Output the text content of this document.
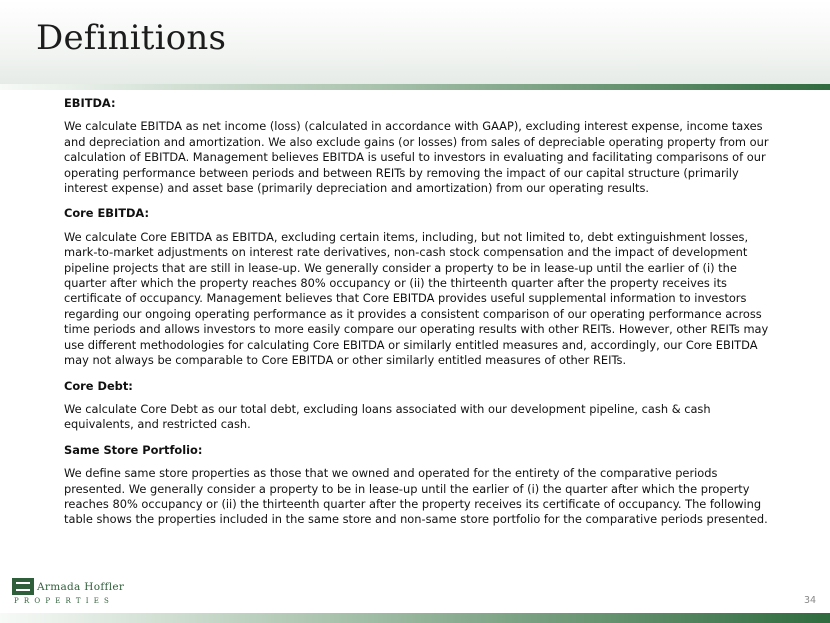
Definitions

EBITDA:

We calculate EBITDA as net income (loss) (calculated in accordance with GAAP), excluding interest expense, income taxes and depreciation and amortization. We also exclude gains (or losses) from sales of depreciable operating property from our calculation of EBITDA. Management believes EBITDA is useful to investors in evaluating and facilitating comparisons of our operating performance between periods and between REITs by removing the impact of our capital structure (primarily interest expense) and asset base (primarily depreciation and amortization) from our operating results.

Core EBITDA:

We calculate Core EBITDA as EBITDA, excluding certain items, including, but not limited to, debt extinguishment losses, mark-to-market adjustments on interest rate derivatives, non-cash stock compensation and the impact of development pipeline projects that are still in lease-up. We generally consider a property to be in lease-up until the earlier of (i) the quarter after which the property reaches 80% occupancy or (ii) the thirteenth quarter after the property receives its certificate of occupancy. Management believes that Core EBITDA provides useful supplemental information to investors regarding our ongoing operating performance as it provides a consistent comparison of our operating performance across time periods and allows investors to more easily compare our operating results with other REITs. However, other REITs may use different methodologies for calculating Core EBITDA or similarly entitled measures and, accordingly, our Core EBITDA may not always be comparable to Core EBITDA or other similarly entitled measures of other REITs.

Core Debt:

We calculate Core Debt as our total debt, excluding loans associated with our development pipeline, cash & cash equivalents, and restricted cash.

Same Store Portfolio:

We define same store properties as those that we owned and operated for the entirety of the comparative periods presented. We generally consider a property to be in lease-up until the earlier of (i) the quarter after which the property reaches 80% occupancy or (ii) the thirteenth quarter after the property receives its certificate of occupancy. The following table shows the properties included in the same store and non-same store portfolio for the comparative periods presented.

Armada Hoffler
PROPERTIES	34
